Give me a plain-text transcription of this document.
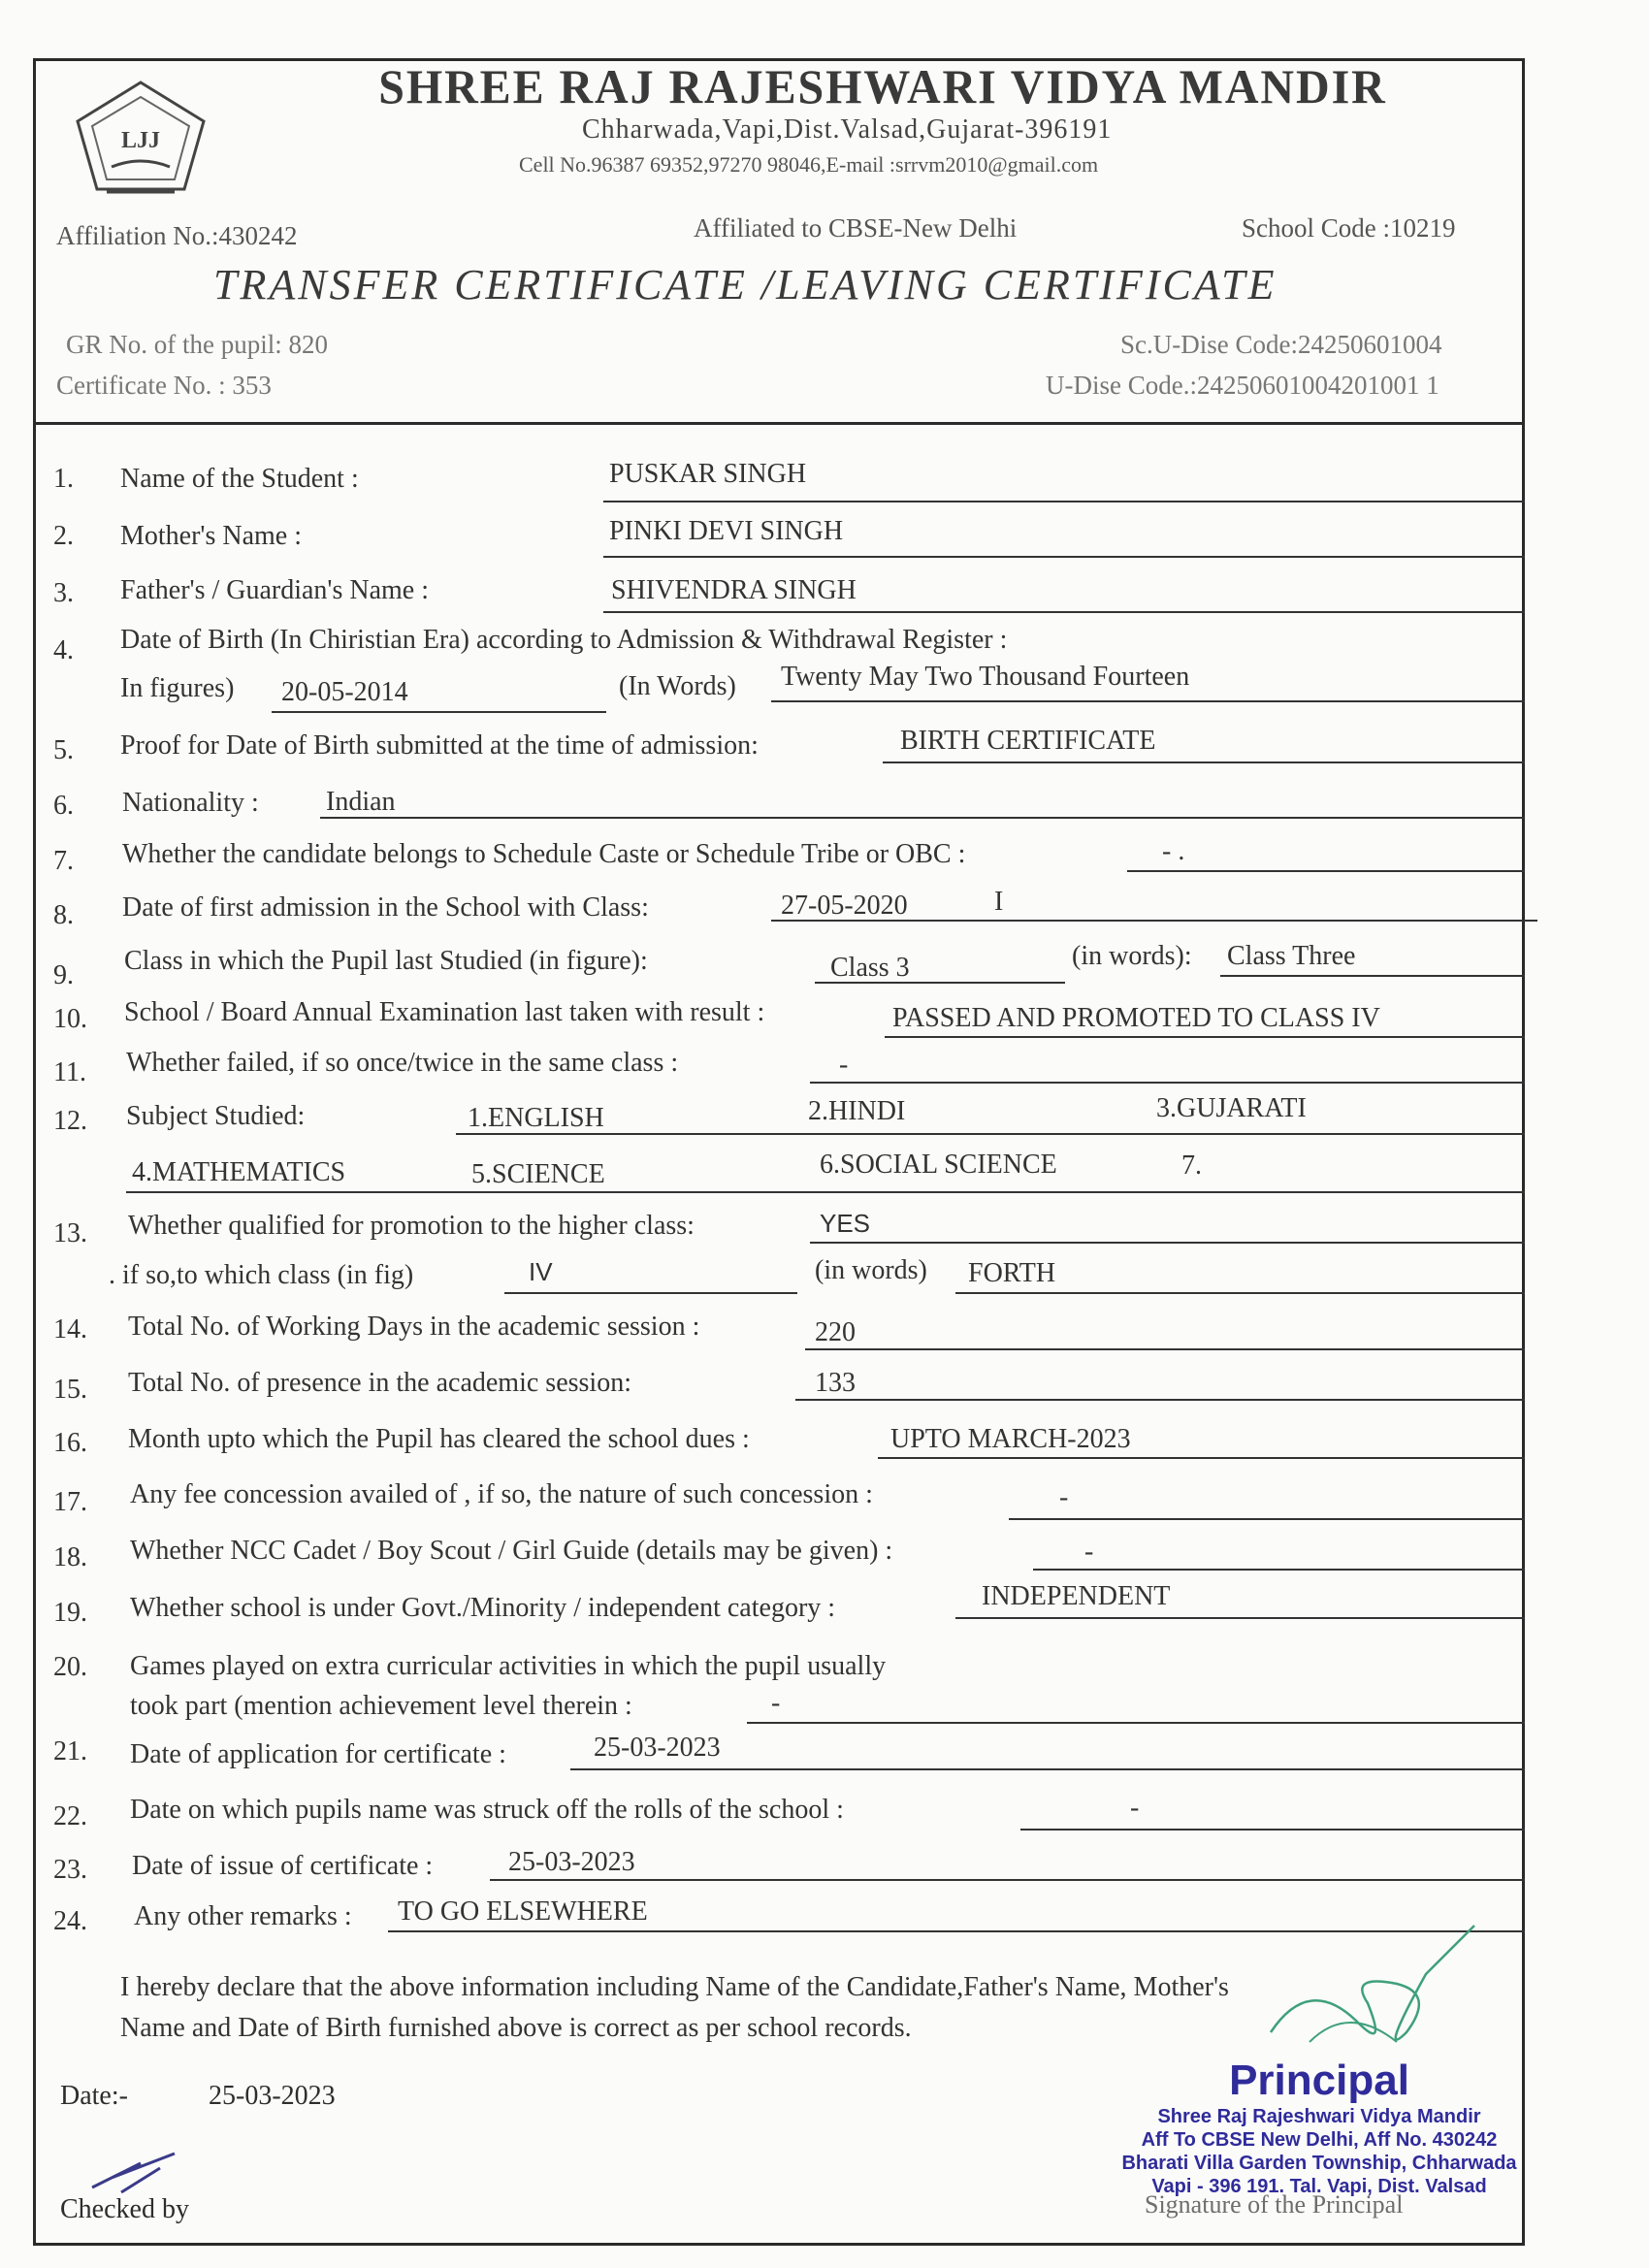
LJJ
SHREE RAJ RAJESHWARI VIDYA MANDIR
Chharwada,Vapi,Dist.Valsad,Gujarat-396191
Cell No.96387 69352,97270 98046,E-mail :srrvm2010@gmail.com
Affiliation No.:430242	Affiliated to CBSE-New Delhi	School Code :10219
TRANSFER CERTIFICATE /LEAVING CERTIFICATE
GR No. of the pupil: 820
Certificate No. : 353
Sc.U-Dise Code:24250601004
U-Dise Code.:24250601004201001 1
1. Name of the Student :	PUSKAR SINGH
2. Mother's Name :	PINKI DEVI SINGH
3. Father's / Guardian's Name :	SHIVENDRA SINGH
4. Date of Birth (In Chiristian Era) according to Admission & Withdrawal Register :
In figures) 20-05-2014	(In Words) Twenty May Two Thousand Fourteen
5. Proof for Date of Birth submitted at the time of admission:	BIRTH CERTIFICATE
6. Nationality : Indian
7. Whether the candidate belongs to Schedule Caste or Schedule Tribe or OBC :	- .
8. Date of first admission in the School with Class:	27-05-2020	I
9. Class in which the Pupil last Studied (in figure):	Class 3	(in words): Class Three
10. School / Board Annual Examination last taken with result :	PASSED AND PROMOTED TO CLASS IV
11. Whether failed, if so once/twice in the same class :	-
12. Subject Studied:	1.ENGLISH	2.HINDI	3.GUJARATI
4.MATHEMATICS	5.SCIENCE	6.SOCIAL SCIENCE	7.
13. Whether qualified for promotion to the higher class:	YES
. if so,to which class (in fig)	IV	(in words) FORTH
14. Total No. of Working Days in the academic session :	220
15. Total No. of presence in the academic session:	133
16. Month upto which the Pupil has cleared the school dues :	UPTO MARCH-2023
17. Any fee concession availed of , if so, the nature of such concession :	-
18. Whether NCC Cadet / Boy Scout / Girl Guide (details may be given) :	-
19. Whether school is under Govt./Minority / independent category :	INDEPENDENT
20. Games played on extra curricular activities in which the pupil usually
took part (mention achievement level therein :	-
21. Date of application for certificate :	25-03-2023
22. Date on which pupils name was struck off the rolls of the school :	-
23. Date of issue of certificate :	25-03-2023
24. Any other remarks : TO GO ELSEWHERE
I hereby declare that the above information including Name of the Candidate,Father's Name, Mother's
Name and Date of Birth furnished above is correct as per school records.
Date:-	25-03-2023
Checked by	Signature of the Principal
Principal
Shree Raj Rajeshwari Vidya Mandir
Aff To CBSE New Delhi, Aff No. 430242
Bharati Villa Garden Township, Chharwada
Vapi - 396 191. Tal. Vapi, Dist. Valsad
